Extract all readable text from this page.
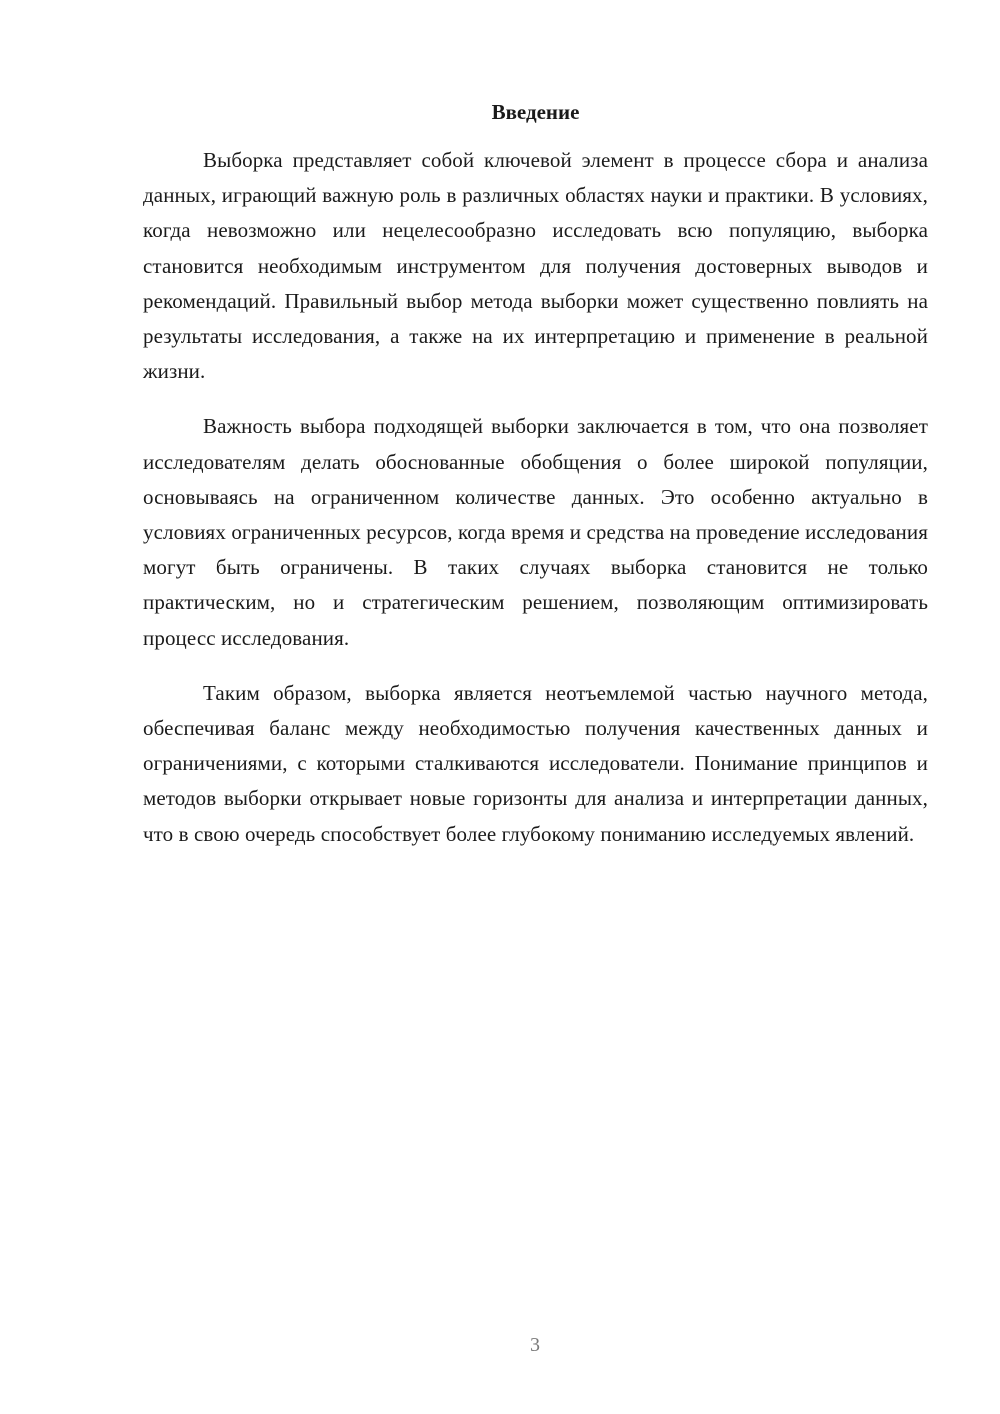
Введение

Выборка представляет собой ключевой элемент в процессе сбора и анализа данных, играющий важную роль в различных областях науки и практики. В условиях, когда невозможно или нецелесообразно исследовать всю популяцию, выборка становится необходимым инструментом для получения достоверных выводов и рекомендаций. Правильный выбор метода выборки может существенно повлиять на результаты исследования, а также на их интерпретацию и применение в реальной жизни.

Важность выбора подходящей выборки заключается в том, что она позволяет исследователям делать обоснованные обобщения о более широкой популяции, основываясь на ограниченном количестве данных. Это особенно актуально в условиях ограниченных ресурсов, когда время и средства на проведение исследования могут быть ограничены. В таких случаях выборка становится не только практическим, но и стратегическим решением, позволяющим оптимизировать процесс исследования.

Таким образом, выборка является неотъемлемой частью научного метода, обеспечивая баланс между необходимостью получения качественных данных и ограничениями, с которыми сталкиваются исследователи. Понимание принципов и методов выборки открывает новые горизонты для анализа и интерпретации данных, что в свою очередь способствует более глубокому пониманию исследуемых явлений.

3
